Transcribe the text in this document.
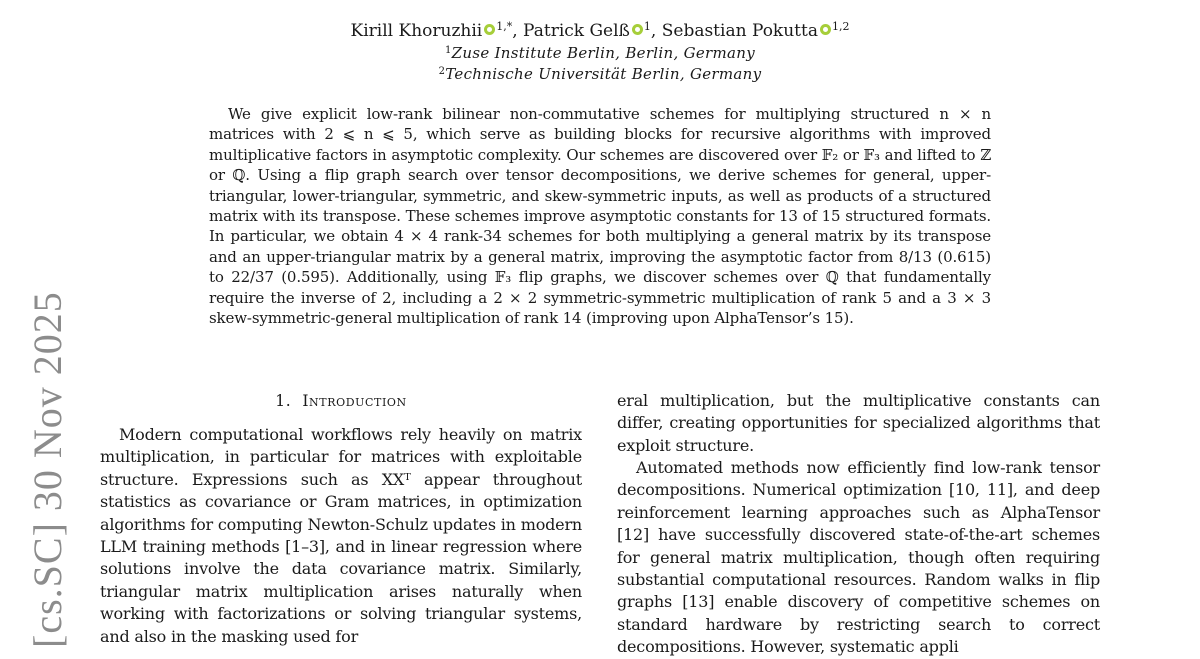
Kirill Khoruzhii $^{1,*}$, Patrick Gelß $^1$, Sebastian Pokutta $^{1,2}$
$^1$Zuse Institute Berlin, Berlin, Germany
$^2$Technische Universität Berlin, Germany

We give explicit low-rank bilinear non-commutative schemes for multiplying structured n × n matrices with 2 ⩽ n ⩽ 5, which serve as building blocks for recursive algorithms with improved multiplicative factors in asymptotic complexity. Our schemes are discovered over 𝔽₂ or 𝔽₃ and lifted to ℤ or ℚ. Using a flip graph search over tensor decompositions, we derive schemes for general, upper-triangular, lower-triangular, symmetric, and skew-symmetric inputs, as well as products of a structured matrix with its transpose. These schemes improve asymptotic constants for 13 of 15 structured formats. In particular, we obtain 4 × 4 rank-34 schemes for both multiplying a general matrix by its transpose and an upper-triangular matrix by a general matrix, improving the asymptotic factor from 8/13 (0.615) to 22/37 (0.595). Additionally, using 𝔽₃ flip graphs, we discover schemes over ℚ that fundamentally require the inverse of 2, including a 2 × 2 symmetric-symmetric multiplication of rank 5 and a 3 × 3 skew-symmetric-general multiplication of rank 14 (improving upon AlphaTensor’s 15).

[cs.SC] 30 Nov 2025	1. Introduction

Modern computational workflows rely heavily on matrix multiplication, in particular for matrices with exploitable structure. Expressions such as XXᵀ appear throughout statistics as covariance or Gram matrices, in optimization algorithms for computing Newton-Schulz updates in modern LLM training methods [1–3], and in linear regression where solutions involve the data covariance matrix. Similarly, triangular matrix multiplication arises naturally when working with factorizations or solving triangular systems, and also in the masking used for

eral multiplication, but the multiplicative constants can differ, creating opportunities for specialized algorithms that exploit structure.

Automated methods now efficiently find low-rank tensor decompositions. Numerical optimization [10, 11], and deep reinforcement learning approaches such as AlphaTensor [12] have successfully discovered state-of-the-art schemes for general matrix multiplication, though often requiring substantial computational resources. Random walks in flip graphs [13] enable discovery of competitive schemes on standard hardware by restricting search to correct decompositions. However, systematic appli
